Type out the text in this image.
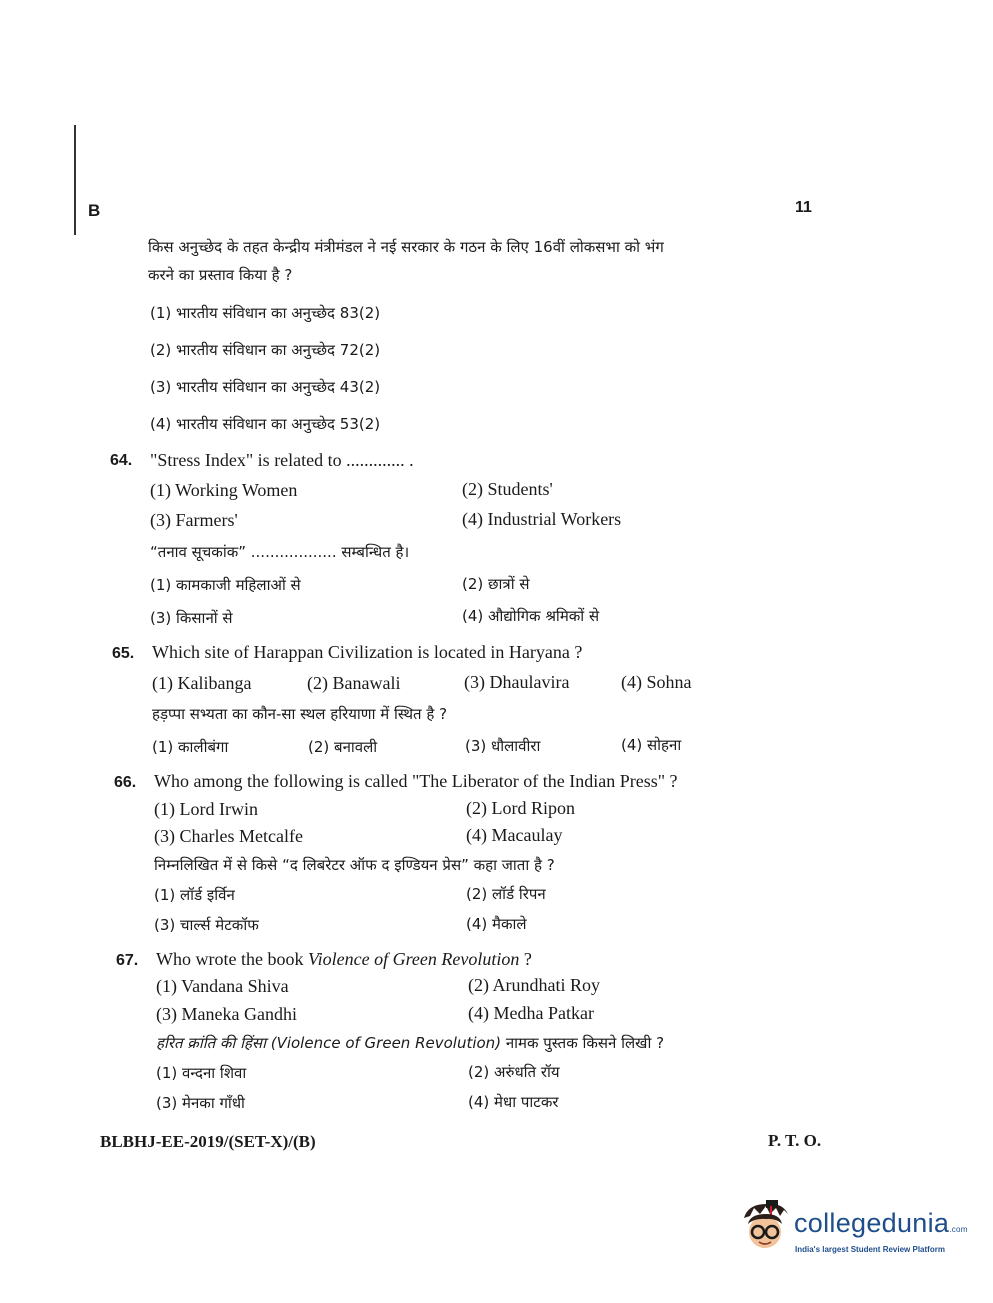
B	11
किस अनुच्छेद के तहत केन्द्रीय मंत्रीमंडल ने नई सरकार के गठन के लिए 16वीं लोकसभा को भंग
करने का प्रस्ताव किया है ?
(1) भारतीय संविधान का अनुच्छेद 83(2)
(2) भारतीय संविधान का अनुच्छेद 72(2)
(3) भारतीय संविधान का अनुच्छेद 43(2)
(4) भारतीय संविधान का अनुच्छेद 53(2)
64. "Stress Index" is related to ............. .
(1) Working Women	(2) Students'
(3) Farmers'	(4) Industrial Workers
“तनाव सूचकांक” .................. सम्बन्धित है।
(1) कामकाजी महिलाओं से	(2) छात्रों से
(3) किसानों से	(4) औद्योगिक श्रमिकों से
65. Which site of Harappan Civilization is located in Haryana ?
(1) Kalibanga	(2) Banawali	(3) Dhaulavira	(4) Sohna
हड़प्पा सभ्यता का कौन-सा स्थल हरियाणा में स्थित है ?
(1) कालीबंगा	(2) बनावली	(3) धौलावीरा	(4) सोहना
66. Who among the following is called "The Liberator of the Indian Press" ?
(1) Lord Irwin	(2) Lord Ripon
(3) Charles Metcalfe	(4) Macaulay
निम्नलिखित में से किसे “द लिबरेटर ऑफ द इण्डियन प्रेस” कहा जाता है ?
(1) लॉर्ड इर्विन	(2) लॉर्ड रिपन
(3) चार्ल्स मेटकॉफ	(4) मैकाले
67. Who wrote the book Violence of Green Revolution ?
(1) Vandana Shiva	(2) Arundhati Roy
(3) Maneka Gandhi	(4) Medha Patkar
हरित क्रांति की हिंसा (Violence of Green Revolution) नामक पुस्तक किसने लिखी ?
(1) वन्दना शिवा	(2) अरुंधति रॉय
(3) मेनका गाँधी	(4) मेधा पाटकर
BLBHJ-EE-2019/(SET-X)/(B)	P. T. O.
collegedunia.com
India's largest Student Review Platform
